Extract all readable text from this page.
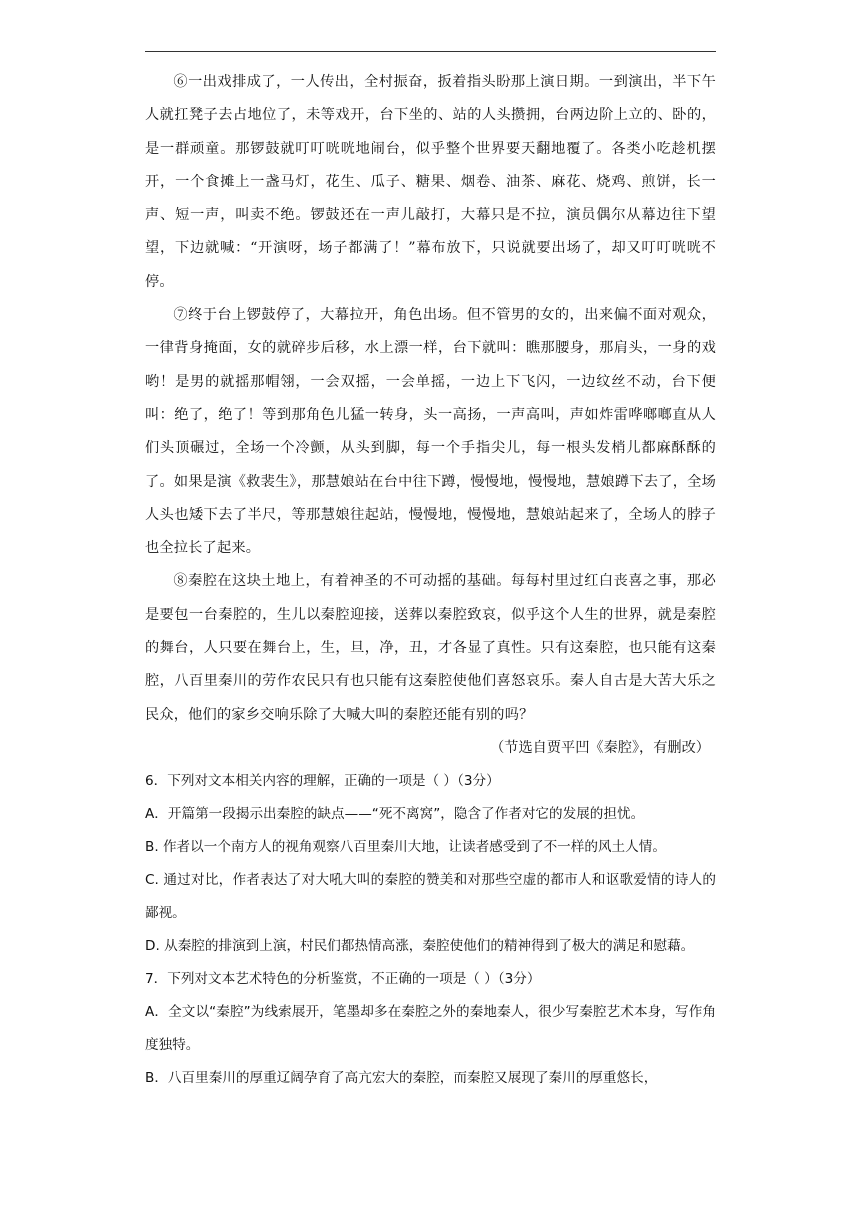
⑥一出戏排成了，一人传出，全村振奋，扳着指头盼那上演日期。一到演出，半下午人就扛凳子去占地位了，未等戏开，台下坐的、站的人头攒拥，台两边阶上立的、卧的，是一群顽童。那锣鼓就叮叮咣咣地闹台，似乎整个世界要天翻地覆了。各类小吃趁机摆开，一个食摊上一盏马灯，花生、瓜子、糖果、烟卷、油茶、麻花、烧鸡、煎饼，长一声、短一声，叫卖不绝。锣鼓还在一声儿敲打，大幕只是不拉，演员偶尔从幕边往下望望，下边就喊：“开演呀，场子都满了！”幕布放下，只说就要出场了，却又叮叮咣咣不停。

⑦终于台上锣鼓停了，大幕拉开，角色出场。但不管男的女的，出来偏不面对观众，一律背身掩面，女的就碎步后移，水上漂一样，台下就叫：瞧那腰身，那肩头，一身的戏哟！是男的就摇那帽翎，一会双摇，一会单摇，一边上下飞闪，一边纹丝不动，台下便叫：绝了，绝了！等到那角色儿猛一转身，头一高扬，一声高叫，声如炸雷哗啷啷直从人们头顶碾过，全场一个冷颤，从头到脚，每一个手指尖儿，每一根头发梢儿都麻酥酥的了。如果是演《救裴生》，那慧娘站在台中往下蹲，慢慢地，慢慢地，慧娘蹲下去了，全场人头也矮下去了半尺，等那慧娘往起站，慢慢地，慢慢地，慧娘站起来了，全场人的脖子也全拉长了起来。

⑧秦腔在这块土地上，有着神圣的不可动摇的基础。每每村里过红白丧喜之事，那必是要包一台秦腔的，生儿以秦腔迎接，送葬以秦腔致哀，似乎这个人生的世界，就是秦腔的舞台，人只要在舞台上，生，旦，净，丑，才各显了真性。只有这秦腔，也只能有这秦腔，八百里秦川的劳作农民只有也只能有这秦腔使他们喜怒哀乐。秦人自古是大苦大乐之民众，他们的家乡交响乐除了大喊大叫的秦腔还能有别的吗？

（节选自贾平凹《秦腔》，有删改）

6．下列对文本相关内容的理解，正确的一项是（ ）（3分）

A．开篇第一段揭示出秦腔的缺点——“死不离窝”，隐含了作者对它的发展的担忧。

B. 作者以一个南方人的视角观察八百里秦川大地，让读者感受到了不一样的风土人情。

C. 通过对比，作者表达了对大吼大叫的秦腔的赞美和对那些空虚的都市人和讴歌爱情的诗人的鄙视。

D. 从秦腔的排演到上演，村民们都热情高涨，秦腔使他们的精神得到了极大的满足和慰藉。

7．下列对文本艺术特色的分析鉴赏，不正确的一项是（ ）（3分）

A．全文以“秦腔”为线索展开，笔墨却多在秦腔之外的秦地秦人，很少写秦腔艺术本身，写作角度独特。

B．八百里秦川的厚重辽阔孕育了高亢宏大的秦腔，而秦腔又展现了秦川的厚重悠长，
